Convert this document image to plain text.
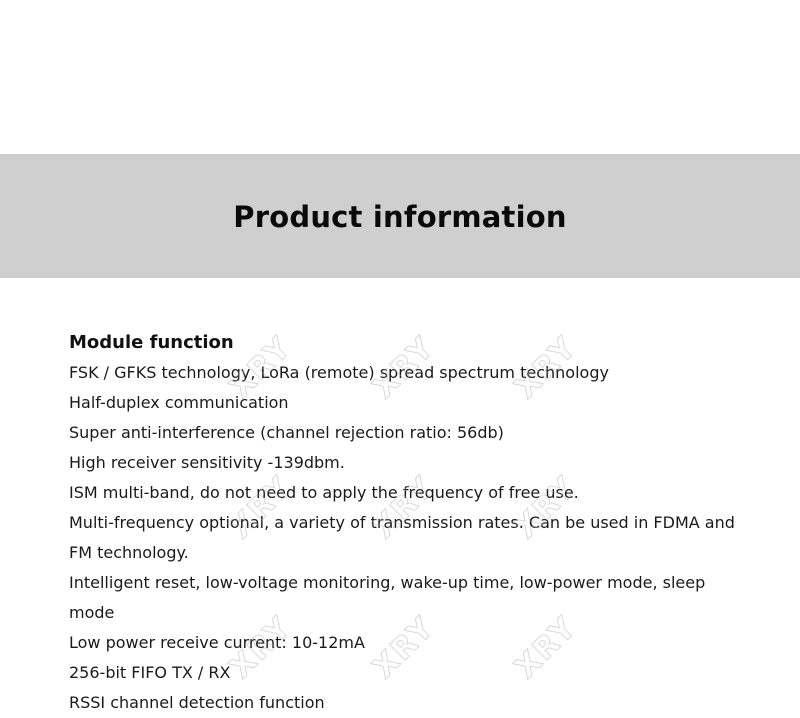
Product information
Module function
FSK / GFKS technology, LoRa (remote) spread spectrum technology
Half-duplex communication
Super anti-interference (channel rejection ratio: 56db)
High receiver sensitivity -139dbm.
ISM multi-band, do not need to apply the frequency of free use.
Multi-frequency optional, a variety of transmission rates. Can be used in FDMA and FM technology.
Intelligent reset, low-voltage monitoring, wake-up time, low-power mode, sleep mode
Low power receive current: 10-12mA
256-bit FIFO TX / RX
RSSI channel detection function
XRY XRY XRY
XRY XRY XRY
XRY XRY XRY
